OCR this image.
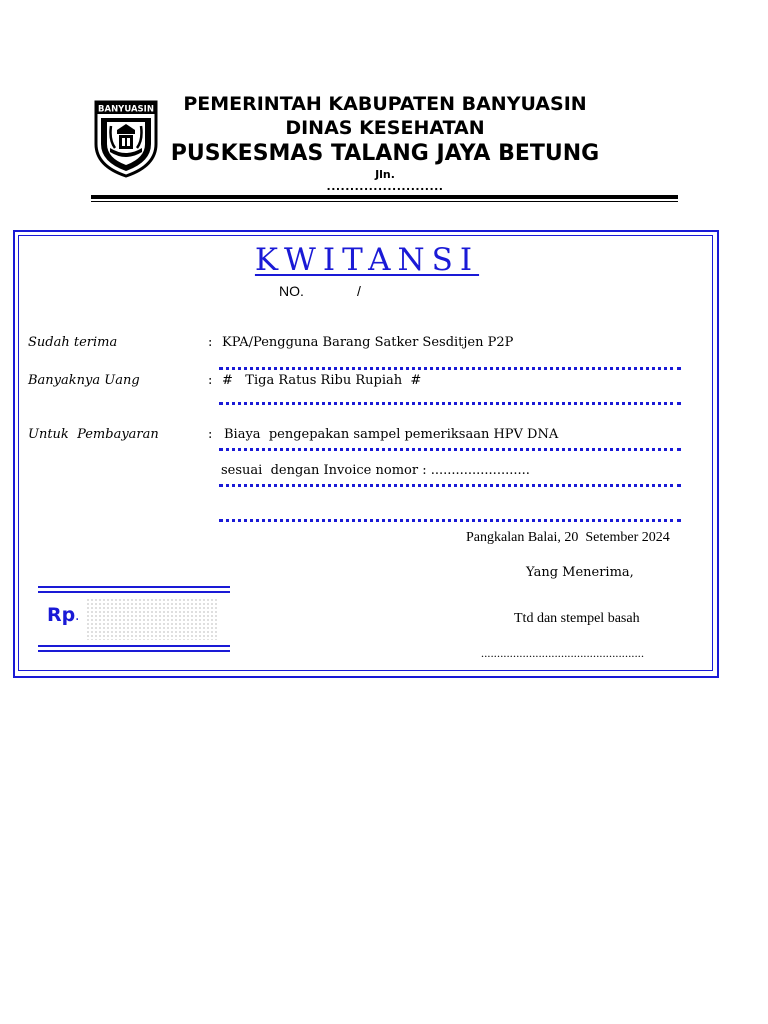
BANYUASIN	PEMERINTAH KABUPATEN BANYUASIN
DINAS KESEHATAN
PUSKESMAS TALANG JAYA BETUNG
Jln.
.........................
KWITANSI
NO.	/
Sudah terima	: KPA/Pengguna Barang Satker Sesditjen P2P
Banyaknya Uang	: #   Tiga Ratus Ribu Rupiah  #
Untuk  Pembayaran	: Biaya  pengepakan sampel pemeriksaan HPV DNA
sesuai  dengan Invoice nomor : ........................
Pangkalan Balai, 20  Setember 2024
Yang Menerima,
Ttd dan stempel basah
...................................................
Rp .
